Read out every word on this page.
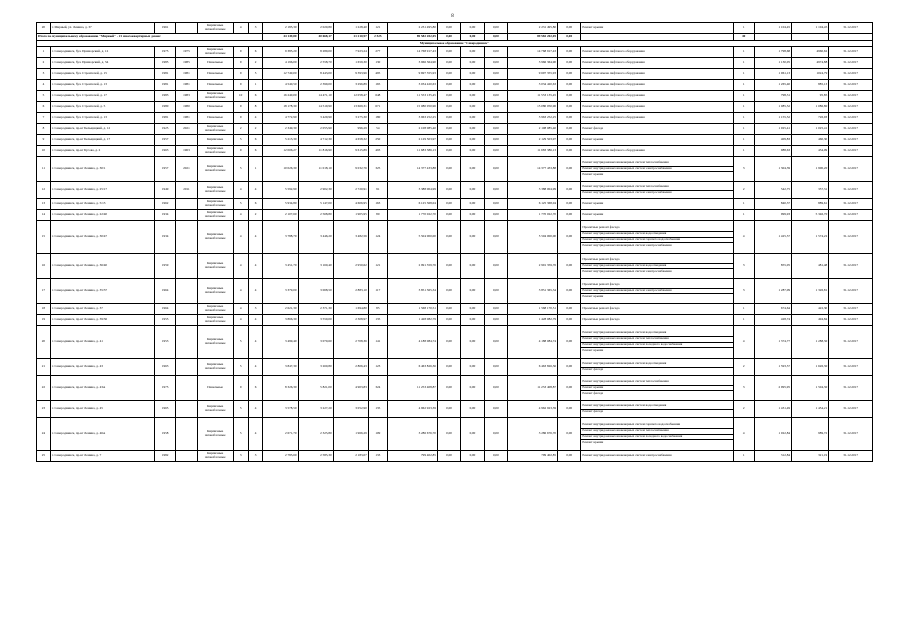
8
20	г. Мирный, ул. Ленина, д. 37	1961		Кирпичные шлакоблочные	4	3	2 185,30	2 020,80	1 228,40	121	2 231 495,80	0,00	0,00	0,00	2 231 495,80	0,00	Ремонт крыши	1	1 104,45	1 104,45	31.12.2017
Итого по муниципальному образованию "Мирный" - 21 многоквартирных домов:							44 149,80	40 668,17	21 210,97	2 525	89 582 202,05	0,00	0,00	0,00	89 582 202,05	0,00		40			
Муниципальное образование "Северодвинск"																					
1	г. Северодвинск, бул. Приморский, д. 12	1975	1975	Кирпичные шлакоблочные	9	6	9 385,20	8 289,00	7 923,24	277	14 768 917,43	0,00	0,00	0,00	14 768 917,43	0,00	Ремонт или замена лифтового оборудования	1	1 798,68	4960,62	31.12.2017
2	г. Северодвинск, бул. Приморский, д. 34	1985	1985	Панельные	9	2	4 196,00	2 558,70	1 659,30	130	3 966 364,90	0,00	0,00	0,00	3 966 364,90	0,00	Ремонт или замена лифтового оборудования	1	1 130,05	4974,88	31.12.2017
3	г. Северодвинск, бул. Строителей, д. 15	1981	1981	Панельные	9	5	12 749,00	8 443,00	9 393,96	495	9 697 355,93	0,00	0,00	0,00	9 697 355,93	0,00	Ремонт или замена лифтового оборудования	1	1 061,13	1024,79	31.12.2017
4	г. Северодвинск, бул. Строителей, д. 13	1981	1981	Панельные	9	1	4 540,50	2 399,00	3 296,89	165	3 034 420,63	0,00	0,00	0,00	3 034 420,63	0,00	Ремонт или замена лифтового оборудования	1	1 265,40	885,13	31.12.2017
5	г. Северодвинск, бул. Строителей, д. 17	1983	1983	Кирпичные шлакоблочные	10	6	16 240,00	14 471,10	12 058,47	648	11 553 135,45	0,00	0,00	0,00	11 553 135,45	0,00	Ремонт или замена лифтового оборудования	1	798,31	95,85	31.12.2017
6	г. Северодвинск, бул. Строителей, д. 5	1980	1980	Панельные	9	8	18 178,30	14 519,90	13 669,31	671	15 080 050,96	0,00	0,00	0,00	15 080 050,96	0,00	Ремонт или замена лифтового оборудования	1	1 085,52	1 086,80	31.12.2017
7	г. Северодвинск, бул. Строителей, д. 13	1981	1981	Панельные	9	4	4 772,90	3 429,90	3 275,30	180	3 963 252,25	0,00	0,00	0,00	3 963 252,25	0,00	Ремонт или замена лифтового оборудования	1	1 155,52	726,93	31.12.2017
8	г. Северодвинск, пр-кт Бельщицкий, д. 12	1925	2021	Кирпичные шлакоблочные	2	2	2 349,30	2 055,90	996,29	54	2 108 085,40	0,00	0,00	0,00	2 108 085,40	0,00	Ремонт фасада	1	1 025,41	1 025,41	31.12.2017
9	г. Северодвинск, пр-кт Бельщицкий, д. 17	1957		Кирпичные	5	6	5 213,30	4 712,30	4 658,32	250	2 129 503,97	0,00	0,00	0,00	2 129 503,97	0,00	Ремонт крыши	1	409,83	460,30	31.12.2017
10	г. Северодвинск, пр-кт Бусова, д. 2	1963	1963	Кирпичные шлакоблочные	9	6	12 006,27	11 816,90	9 615,89	493	11 683 386,13	0,00	0,00	0,00	11 683 386,13	0,00	Ремонт или замена лифтового оборудования	1	988,63	434,09	31.12.2017
11	г. Северодвинск, пр-кт Ленина, д. 30/1	1957	2021	Кирпичные шлакоблочные	5	1	10 026,30	11 018,10	9 032,76	325	14 377 433,88	0,00	0,00	0,00	14 377 433,88	0,00	Ремонт внутридомовых инженерных систем теплоснабжения
Ремонт внутридомовых инженерных систем электроснабжения
Ремонт крыши	3	1 304,39	1 900,20	31.12.2017
12	г. Северодвинск, пр-кт Ленина, д. 25/17	1949	2011	Кирпичные шлакоблочные	4	4	5 592,90	2 902,30	2 720,91	91	3 388 004,99	0,00	0,00	0,00	3 388 004,99	0,00	Ремонт внутридомовых инженерных систем теплоснабжения
Ремонт внутридомовых инженерных систем электроснабжения	2	542,75	357,31	31.12.2017
13	г. Северодвинск, пр-кт Ленина, д. 5/13	1962		Кирпичные шлакоблочные	5	6	5 934,80	5 147,00	4 606,95	163	6 125 368,04	0,00	0,00	0,00	6 125 368,04	0,00	Ремонт крыши	1	840,37	889,61	31.12.2017
14	г. Северодвинск, пр-кт Ленина, д. 22/40	1934		Кирпичные шлакоблочные	4	2	2 107,60	2 568,80	1 905,95	80	1 770 022,70	0,00	0,00	0,00	1 770 022,70	0,00	Ремонт крыши	1	999,93	5 346,70	31.12.2017
15	г. Северодвинск, пр-кт Ленина, д. 30/47	1934		Кирпичные шлакоблочные	4	4	3 788,70	3 446,20	3 482,56	124	5 504 000,00	0,00	0,00	0,00	5 504 000,00	0,00	Проектные ремонт фасада
Ремонт внутридомовых инженерных систем водоотведения
Ремонт внутридомовых инженерных систем горячего водоснабжения
Ремонт внутридомовых инженерных систем электроснабжения	4	1 425,57	1 574,22	31.12.2017
16	г. Северодвинск, пр-кт Ленина, д. 36/40	1959		Кирпичные шлакоблочные	4	4	3 451,70	3 160,40	2 950,62	121	2 991 359,76	0,00	0,00	0,00	2 991 359,76	0,00	Проектные ремонт фасада
Ремонт внутридомовых инженерных систем водоотведения
Ремонт внутридомовых инженерных систем электроснабжения	3	855,05	481,48	31.12.2017
17	г. Северодвинск, пр-кт Ленина, д. 35/37	1964		Кирпичные шлакоблочные	4	4	3 379,00	3 068,50	2 883,10	117	3 851 365,34	0,00	0,00	0,00	3 851 365,34	0,00	Проектные ремонт фасада
Ремонт внутридомовых инженерных систем электроснабжения
Ремонт крыши	3	1 287,09	1 326,81	31.12.2017
18	г. Северодвинск, пр-кт Ленина, д. 37	1964		Кирпичные шлакоблочные	4	3	2 621,30	2 371,30	1 694,80	85	1 568 170,51	0,00	0,00	0,00	1 568 170,51	0,00	Проектные ремонт фасада	1	674,64	422,30	31.12.2017
19	г. Северодвинск, пр-кт Ленина, д. 39/36	1955		Кирпичные шлакоблочные	4	4	3 866,30	3 550,00	2 308,97	135	1 428 082,79	0,00	0,00	0,00	1 428 082,79	0,00	Проектные ремонт фасада	1	428,74	494,84	31.12.2017
20	г. Северодвинск, пр-кт Ленина, д. 41	1953		Кирпичные шлакоблочные	5	4	3 499,40	3 070,60	2 708,36	141	4 188 084,74	0,00	0,00	0,00	4 188 084,74	0,00	Ремонт внутридомовых инженерных систем водоотведения
Ремонт внутридомовых инженерных систем теплоснабжения
Ремонт внутридомовых инженерных систем холодного водоснабжения
Ремонт крыши	4	1 374,77	1 288,30	31.12.2017
21	г. Северодвинск, пр-кт Ленина, д. 43	1963		Кирпичные шлакоблочные	5	4	3 847,30	3 260,80	2 806,43	123	6 463 826,36	0,00	0,00	0,00	6 463 826,36	0,00	Ремонт внутридомовых инженерных систем водоотведения
Ремонт фасада	2	1 593,57	1 626,30	31.12.2017
22	г. Северодвинск, пр-кт Ленина, д. 43А	1975		Панельные	9	6	8 326,30	5 821,00	4 903,83	324	11 253 408,87	0,00	0,00	0,00	11 253 408,87	0,00	Ремонт внутридомовых инженерных систем теплоснабжения
Ремонт крыши
Ремонт фасада	3	2 995,95	1 504,30	31.12.2017
23	г. Северодвинск, пр-кт Ленина, д. 45	1965		Кирпичные шлакоблочные	5	4	3 578,50	3 227,20	3 052,90	135	4 962 923,39	0,00	0,00	0,00	4 962 923,39	0,00	Ремонт внутридомовых инженерных систем водоотведения
Ремонт фасада	2	1 431,49	1 454,21	31.12.2017
24	г. Северодвинск, пр-кт Ленина, д. 46А	1958		Кирпичные шлакоблочные	5	4	2 671,70	2 325,80	1 966,29	109	3 286 676,70	0,00	0,00	0,00	3 286 676,70	0,00	Ремонт внутридомовых инженерных систем горячего водоснабжения
Ремонт внутридомовых инженерных систем теплоснабжения
Ремонт внутридомовых инженерных систем холодного водоснабжения
Ремонт крыши	4	1 022,84	989,72	31.12.2017
25	г. Северодвинск, пр-кт Ленина, д. 7	1982		Кирпичные шлакоблочные	3	3	2 783,60	2 585,30	2 183,07	133	799 402,85	0,00	0,00	0,00	799 402,85	0,00	Ремонт внутридомовых инженерных систем электроснабжения	1	312,84	321,19	31.12.2017
